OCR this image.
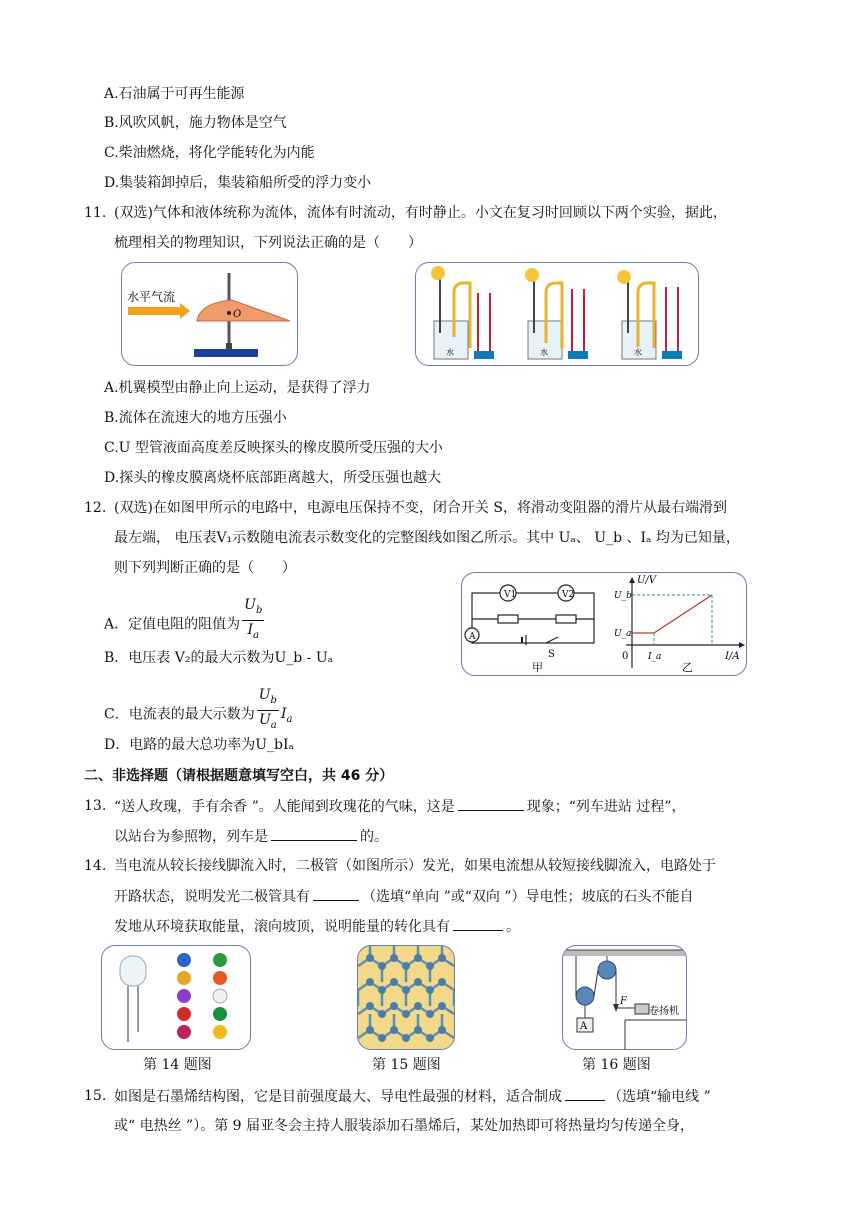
A.石油属于可再生能源
B.风吹风帆，施力物体是空气
C.柴油燃烧，将化学能转化为内能
D.集装箱卸掉后，集装箱船所受的浮力变小
11. (双选)气体和液体统称为流体，流体有时流动，有时静止。小文在复习时回顾以下两个实验，据此，
梳理相关的物理知识，下列说法正确的是（　　）
水平气流
O
水	水	水
A.机翼模型由静止向上运动，是获得了浮力
B.流体在流速大的地方压强小
C.U 型管液面高度差反映探头的橡皮膜所受压强的大小
D.探头的橡皮膜离烧杯底部距离越大，所受压强也越大
12. (双选)在如图甲所示的电路中，电源电压保持不变，闭合开关 S，将滑动变阻器的滑片从最右端滑到
最左端， 电压表V₁示数随电流表示数变化的完整图线如图乙所示。其中 Uₐ、 U_b 、Iₐ 均为已知量，
则下列判断正确的是（　　）
A．定值电阻的阻值为 $\frac{U_b}{I_a}$
B．电压表 V₂的最大示数为U_b - Uₐ
C．电流表的最大示数为 $\frac{U_b}{U_a} I_a$
D．电路的最大总功率为U_bIₐ
V1	V2
A
S
甲
U/V
I/A
0
U_b
U_a
I_a
乙
二、非选择题（请根据题意填写空白，共 46 分）
13. “送人玫瑰，手有余香 ”。人能闻到玫瑰花的气味，这是	现象；“列车进站 过程”，
以站台为参照物，列车是	的。
14. 当电流从较长接线脚流入时，二极管（如图所示）发光，如果电流想从较短接线脚流入，电路处于
开路状态，说明发光二极管具有	（选填“单向 ”或“双向 ”）导电性；坡底的石头不能自
发地从环境获取能量，滚向坡顶，说明能量的转化具有	。
第 14 题图	第 15 题图
F
A
卷扬机
第 16 题图
15. 如图是石墨烯结构图，它是目前强度最大、导电性最强的材料，适合制成	（选填“输电线 ”
或“ 电热丝 ”）。第 9 届亚冬会主持人服装添加石墨烯后，某处加热即可将热量均匀传递全身，
